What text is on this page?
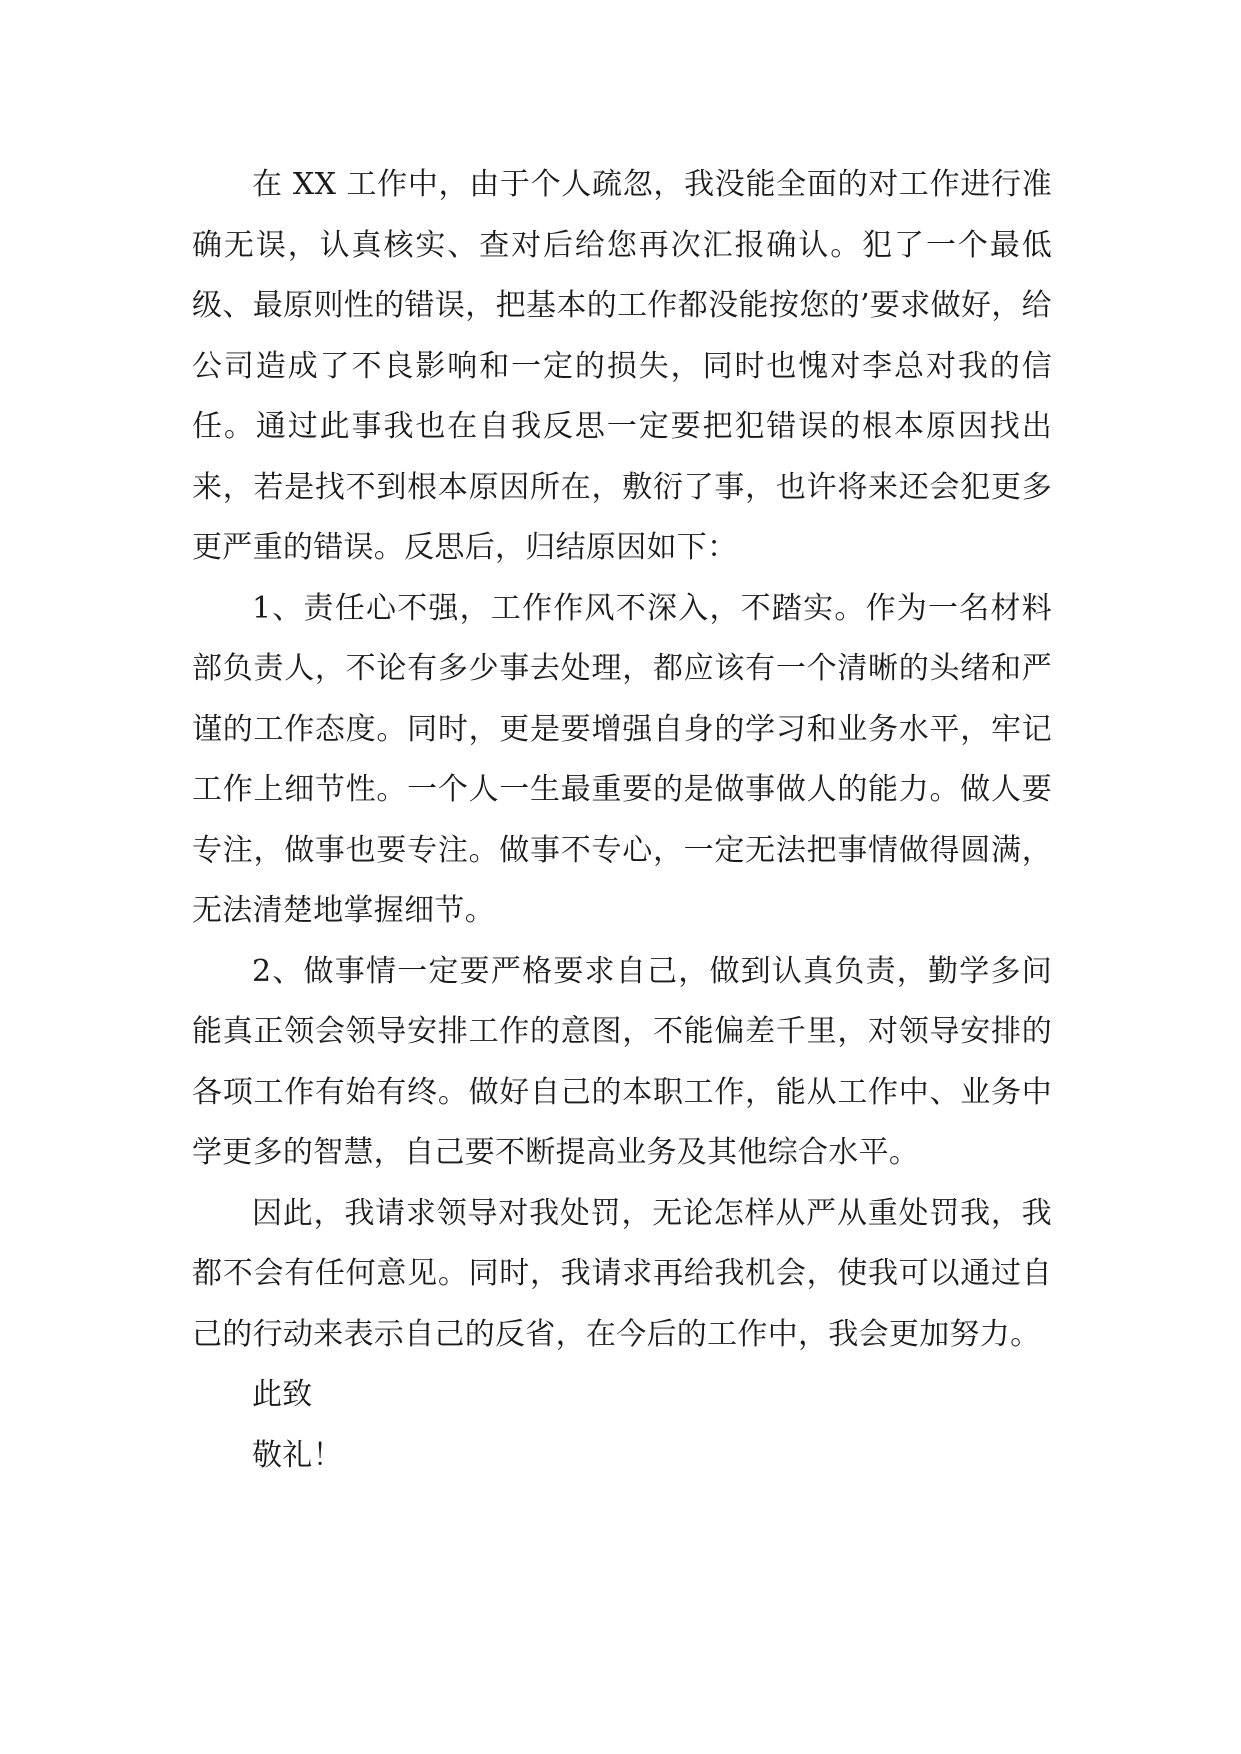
在 XX 工作中，由于个人疏忽，我没能全面的对工作进行准确无误，认真核实、查对后给您再次汇报确认。犯了一个最低级、最原则性的错误，把基本的工作都没能按您的’要求做好，给公司造成了不良影响和一定的损失，同时也愧对李总对我的信任。通过此事我也在自我反思一定要把犯错误的根本原因找出来，若是找不到根本原因所在，敷衍了事，也许将来还会犯更多更严重的错误。反思后，归结原因如下：

1、责任心不强，工作作风不深入，不踏实。作为一名材料部负责人，不论有多少事去处理，都应该有一个清晰的头绪和严谨的工作态度。同时，更是要增强自身的学习和业务水平，牢记工作上细节性。一个人一生最重要的是做事做人的能力。做人要专注，做事也要专注。做事不专心，一定无法把事情做得圆满，无法清楚地掌握细节。

2、做事情一定要严格要求自己，做到认真负责，勤学多问能真正领会领导安排工作的意图，不能偏差千里，对领导安排的各项工作有始有终。做好自己的本职工作，能从工作中、业务中学更多的智慧，自己要不断提高业务及其他综合水平。

因此，我请求领导对我处罚，无论怎样从严从重处罚我，我都不会有任何意见。同时，我请求再给我机会，使我可以通过自己的行动来表示自己的反省，在今后的工作中，我会更加努力。

此致

敬礼！
